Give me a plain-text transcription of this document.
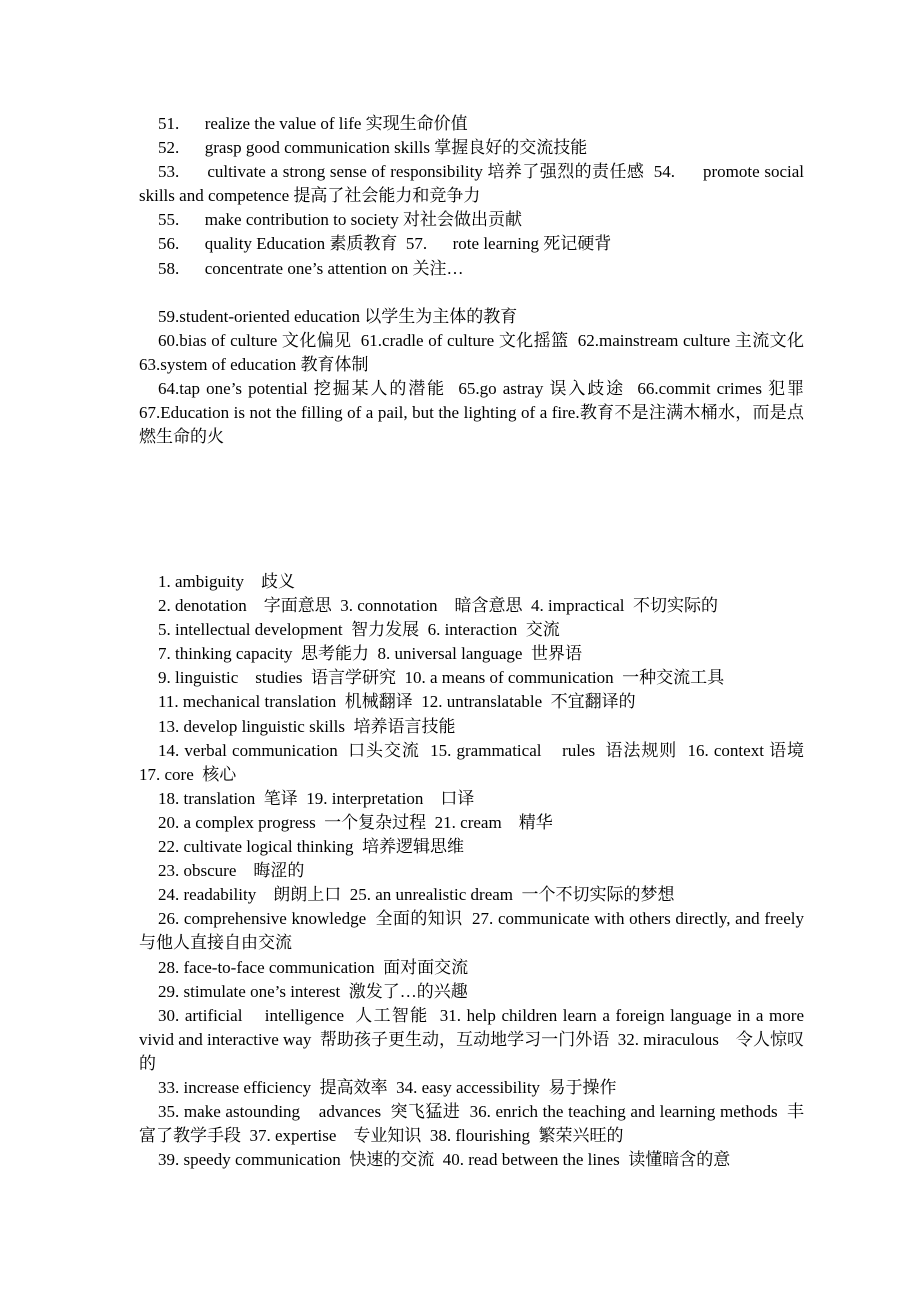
51.      realize the value of life 实现生命价值

52.      grasp good communication skills 掌握良好的交流技能

53.      cultivate a strong sense of responsibility 培养了强烈的责任感  54.      promote social skills and competence 提高了社会能力和竞争力

55.      make contribution to society 对社会做出贡献

56.      quality Education 素质教育  57.      rote learning 死记硬背

58.      concentrate one’s attention on 关注…

59.student-oriented education 以学生为主体的教育

60.bias of culture 文化偏见  61.cradle of culture 文化摇篮  62.mainstream culture 主流文化  63.system of education 教育体制

64.tap one’s potential 挖掘某人的潜能  65.go astray 误入歧途  66.commit crimes 犯罪  67.Education is not the filling of a pail, but the lighting of a fire.教育不是注满木桶水，而是点燃生命的火

1. ambiguity    歧义

2. denotation    字面意思  3. connotation    暗含意思  4. impractical  不切实际的

5. intellectual development  智力发展  6. interaction  交流

7. thinking capacity  思考能力  8. universal language  世界语

9. linguistic    studies  语言学研究  10. a means of communication  一种交流工具

11. mechanical translation  机械翻译  12. untranslatable  不宜翻译的

13. develop linguistic skills  培养语言技能

14. verbal communication  口头交流  15. grammatical    rules  语法规则  16. context 语境  17. core  核心

18. translation  笔译  19. interpretation    口译

20. a complex progress  一个复杂过程  21. cream    精华

22. cultivate logical thinking  培养逻辑思维

23. obscure    晦涩的

24. readability    朗朗上口  25. an unrealistic dream  一个不切实际的梦想

26. comprehensive knowledge  全面的知识  27. communicate with others directly, and freely  与他人直接自由交流

28. face-to-face communication  面对面交流

29. stimulate one’s interest  激发了…的兴趣

30. artificial    intelligence  人工智能  31. help children learn a foreign language in a more vivid and interactive way  帮助孩子更生动，互动地学习一门外语  32. miraculous    令人惊叹的

33. increase efficiency  提高效率  34. easy accessibility  易于操作

35. make astounding    advances  突飞猛进  36. enrich the teaching and learning methods  丰富了教学手段  37. expertise    专业知识  38. flourishing  繁荣兴旺的

39. speedy communication  快速的交流  40. read between the lines  读懂暗含的意
